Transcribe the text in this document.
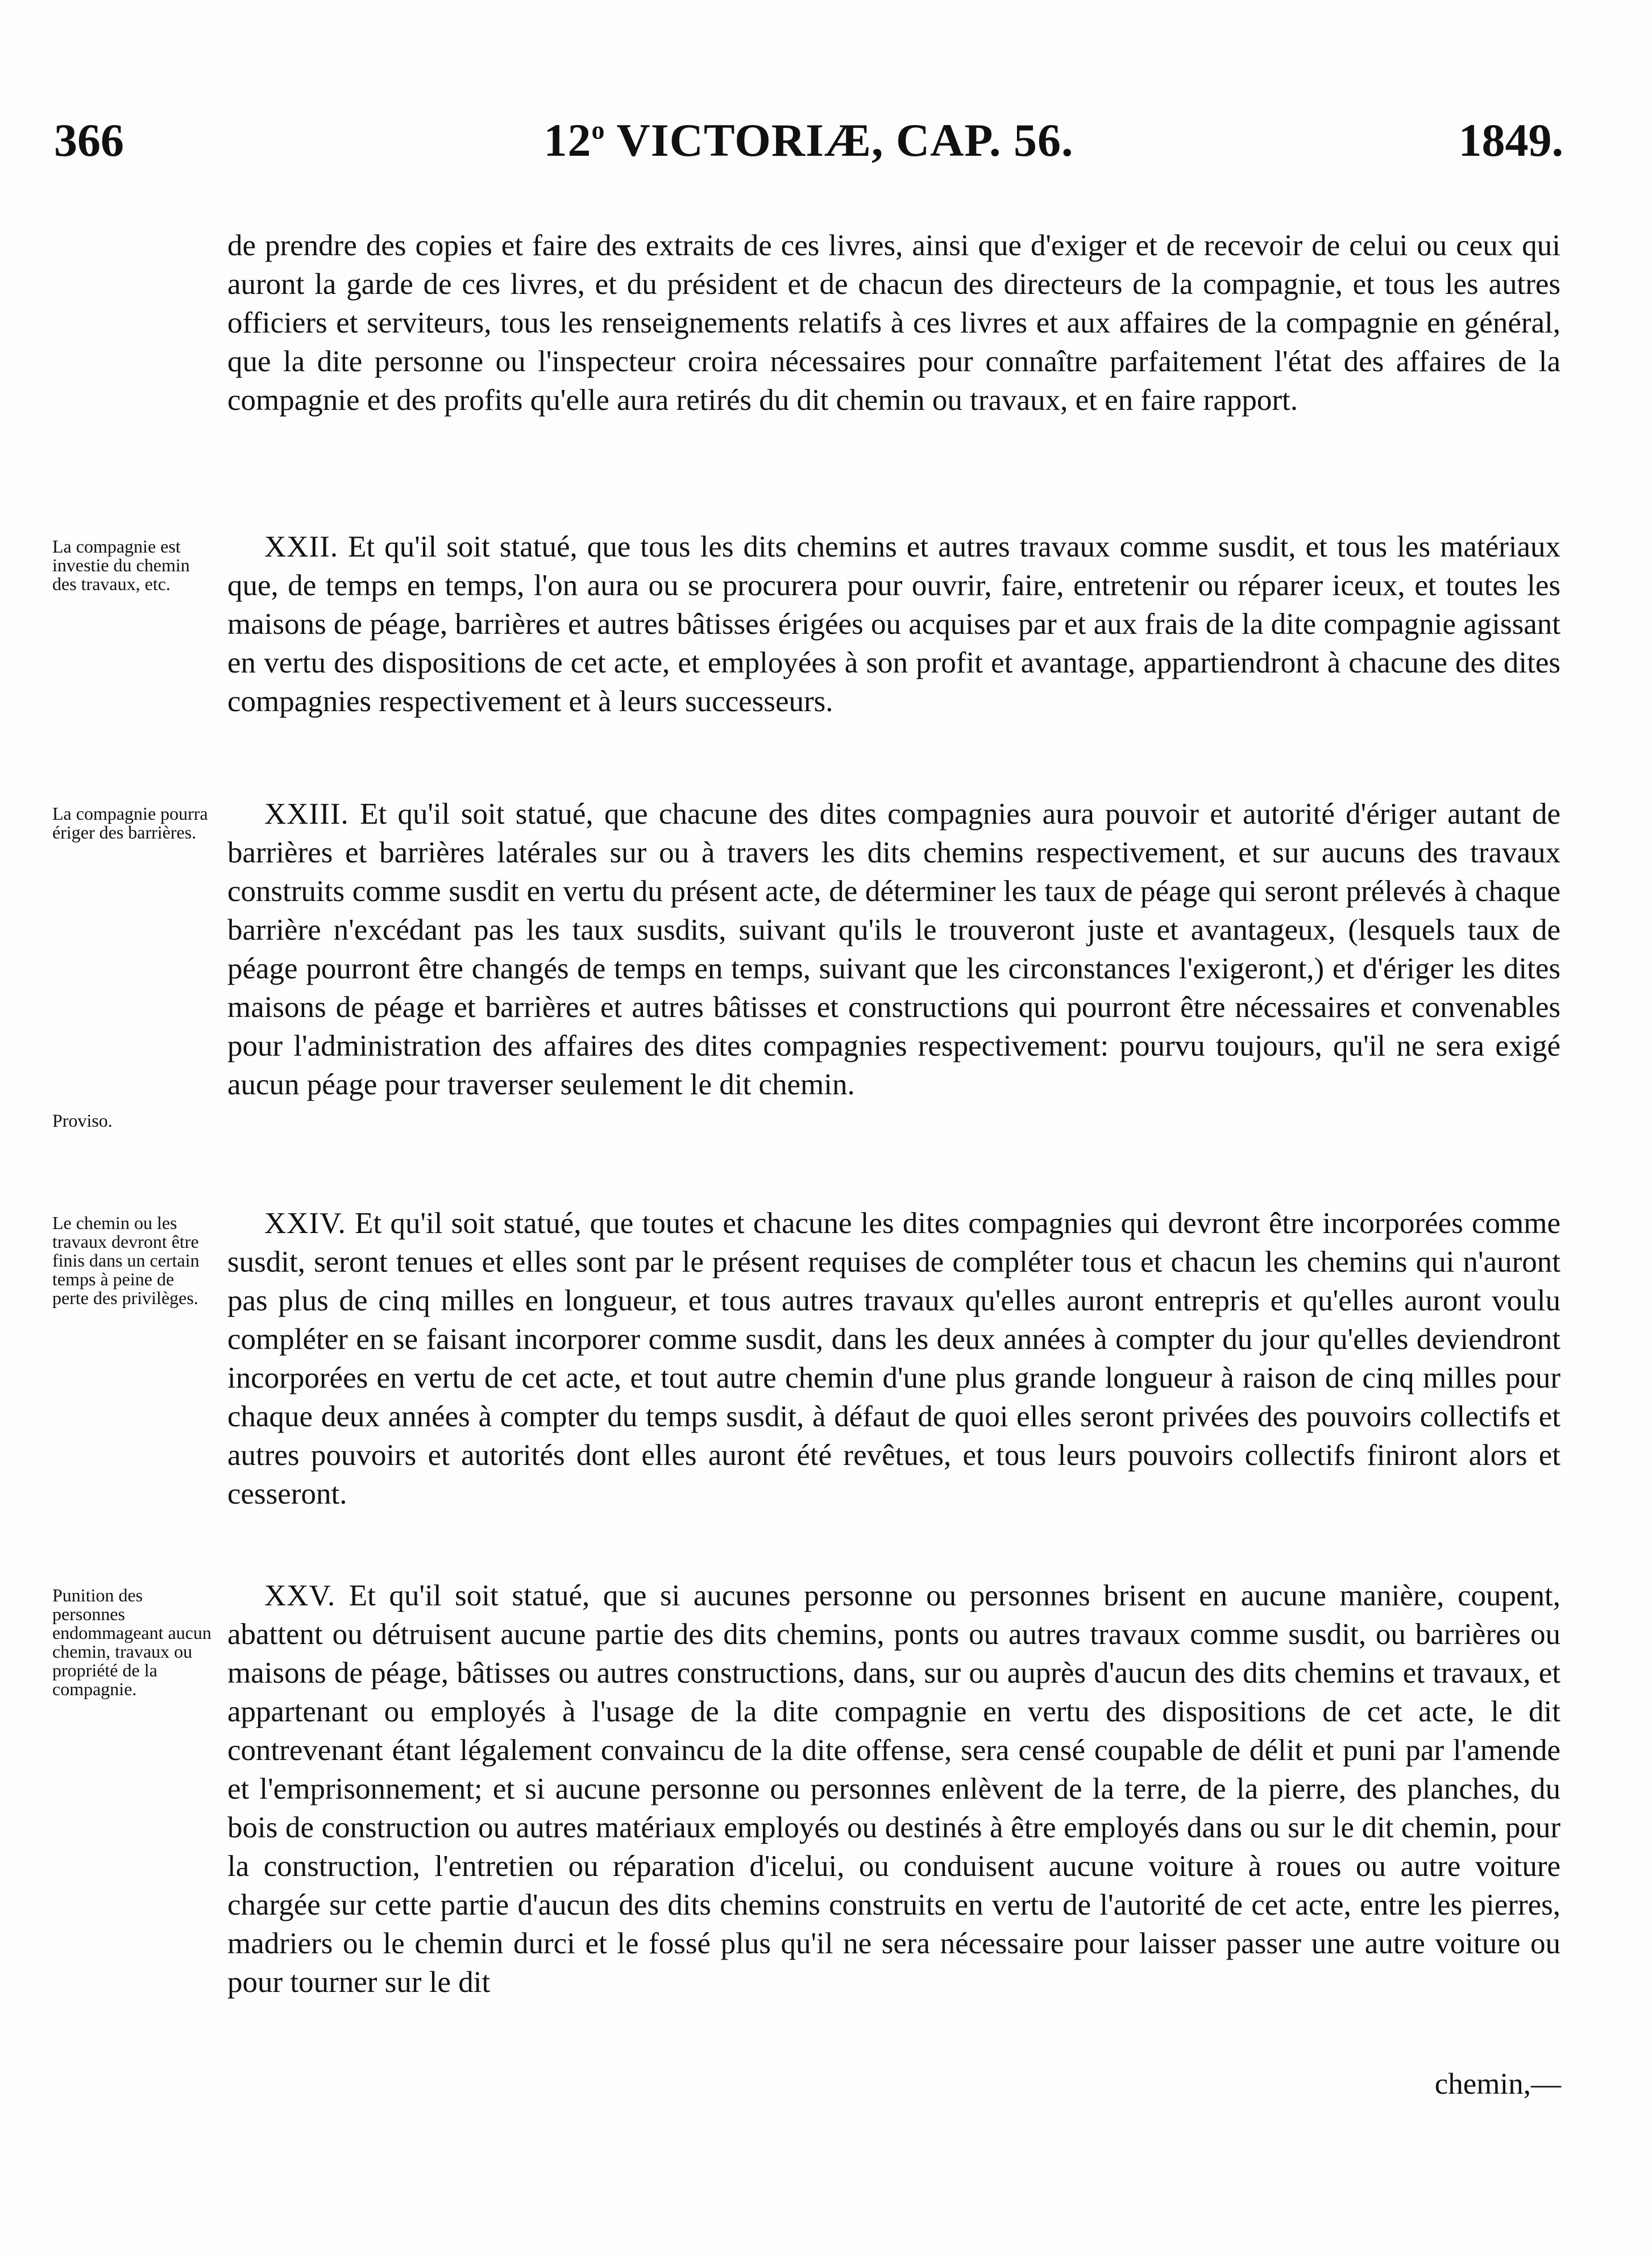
366	12$^o$ VICTORIÆ, CAP. 56.	1849.

de prendre des copies et faire des extraits de ces livres, ainsi que d'exiger et de recevoir de celui ou ceux qui auront la garde de ces livres, et du président et de chacun des directeurs de la compagnie, et tous les autres officiers et serviteurs, tous les renseignements relatifs à ces livres et aux affaires de la compagnie en général, que la dite personne ou l'inspecteur croira nécessaires pour connaître parfaitement l'état des affaires de la compagnie et des profits qu'elle aura retirés du dit chemin ou travaux, et en faire rapport.

La compagnie est investie du chemin des travaux, etc.

XXII. Et qu'il soit statué, que tous les dits chemins et autres travaux comme susdit, et tous les matériaux que, de temps en temps, l'on aura ou se procurera pour ouvrir, faire, entretenir ou réparer iceux, et toutes les maisons de péage, barrières et autres bâtisses érigées ou acquises par et aux frais de la dite compagnie agissant en vertu des dispositions de cet acte, et employées à son profit et avantage, appartiendront à chacune des dites compagnies respectivement et à leurs successeurs.

La compagnie pourra ériger des barrières.

Proviso.

XXIII. Et qu'il soit statué, que chacune des dites compagnies aura pouvoir et autorité d'ériger autant de barrières et barrières latérales sur ou à travers les dits chemins respectivement, et sur aucuns des travaux construits comme susdit en vertu du présent acte, de déterminer les taux de péage qui seront prélevés à chaque barrière n'excédant pas les taux susdits, suivant qu'ils le trouveront juste et avantageux, (lesquels taux de péage pourront être changés de temps en temps, suivant que les circonstances l'exigeront,) et d'ériger les dites maisons de péage et barrières et autres bâtisses et constructions qui pourront être nécessaires et convenables pour l'administration des affaires des dites compagnies respectivement: pourvu toujours, qu'il ne sera exigé aucun péage pour traverser seulement le dit chemin.

Le chemin ou les travaux devront être finis dans un certain temps à peine de perte des privilèges.

XXIV. Et qu'il soit statué, que toutes et chacune les dites compagnies qui devront être incorporées comme susdit, seront tenues et elles sont par le présent requises de compléter tous et chacun les chemins qui n'auront pas plus de cinq milles en longueur, et tous autres travaux qu'elles auront entrepris et qu'elles auront voulu compléter en se faisant incorporer comme susdit, dans les deux années à compter du jour qu'elles deviendront incorporées en vertu de cet acte, et tout autre chemin d'une plus grande longueur à raison de cinq milles pour chaque deux années à compter du temps susdit, à défaut de quoi elles seront privées des pouvoirs collectifs et autres pouvoirs et autorités dont elles auront été revêtues, et tous leurs pouvoirs collectifs finiront alors et cesseront.

Punition des personnes endommageant aucun chemin, travaux ou propriété de la compagnie.

XXV. Et qu'il soit statué, que si aucunes personne ou personnes brisent en aucune manière, coupent, abattent ou détruisent aucune partie des dits chemins, ponts ou autres travaux comme susdit, ou barrières ou maisons de péage, bâtisses ou autres constructions, dans, sur ou auprès d'aucun des dits chemins et travaux, et appartenant ou employés à l'usage de la dite compagnie en vertu des dispositions de cet acte, le dit contrevenant étant légalement convaincu de la dite offense, sera censé coupable de délit et puni par l'amende et l'emprisonnement; et si aucune personne ou personnes enlèvent de la terre, de la pierre, des planches, du bois de construction ou autres matériaux employés ou destinés à être employés dans ou sur le dit chemin, pour la construction, l'entretien ou réparation d'icelui, ou conduisent aucune voiture à roues ou autre voiture chargée sur cette partie d'aucun des dits chemins construits en vertu de l'autorité de cet acte, entre les pierres, madriers ou le chemin durci et le fossé plus qu'il ne sera nécessaire pour laisser passer une autre voiture ou pour tourner sur le dit

chemin,—
